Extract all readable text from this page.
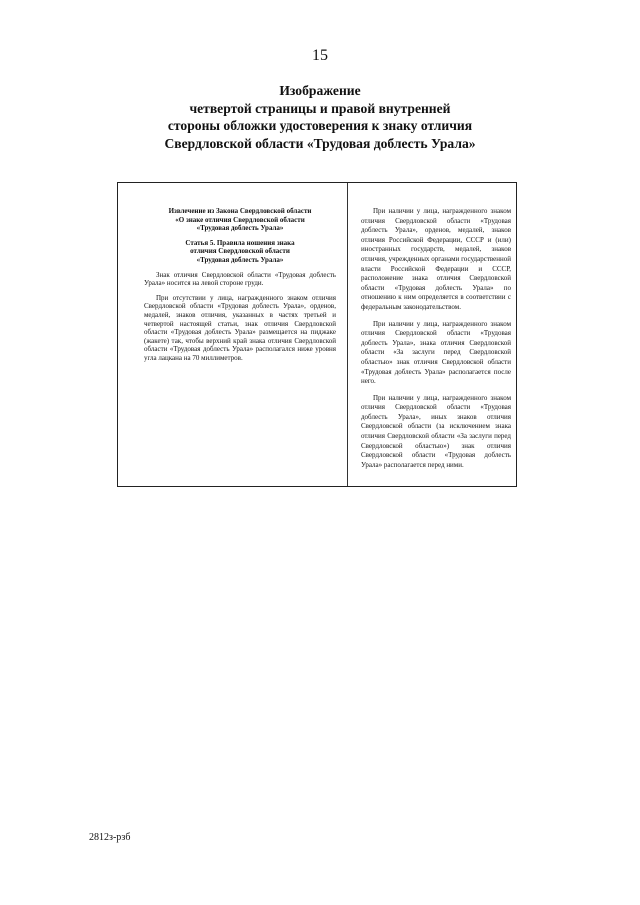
15
Изображение
четвертой страницы и правой внутренней
стороны обложки удостоверения к знаку отличия
Свердловской области «Трудовая доблесть Урала»
Извлечение из Закона Свердловской области
«О знаке отличия Свердловской области
«Трудовая доблесть Урала»
Статья 5. Правила ношения знака
отличия Свердловской области
«Трудовая доблесть Урала»

Знак отличия Свердловской области «Трудовая доблесть Урала» носится на левой стороне груди.

При отсутствии у лица, награжденного знаком отличия Свердловской области «Трудовая доблесть Урала», орденов, медалей, знаков отличия, указанных в частях третьей и четвертой настоящей статьи, знак отличия Свердловской области «Трудовая доблесть Урала» размещается на пиджаке (жакете) так, чтобы верхний край знака отличия Свердловской области «Трудовая доблесть Урала» располагался ниже уровня угла лацкана на 70 миллиметров.

При наличии у лица, награжденного знаком отличия Свердловской области «Трудовая доблесть Урала», орденов, медалей, знаков отличия Российской Федерации, СССР и (или) иностранных государств, медалей, знаков отличия, учрежденных органами государственной власти Российской Федерации и СССР, расположение знака отличия Свердловской области «Трудовая доблесть Урала» по отношению к ним определяется в соответствии с федеральным законодательством.

При наличии у лица, награжденного знаком отличия Свердловской области «Трудовая доблесть Урала», знака отличия Свердловской области «За заслуги перед Свердловской областью» знак отличия Свердловской области «Трудовая доблесть Урала» располагается после него.

При наличии у лица, награжденного знаком отличия Свердловской области «Трудовая доблесть Урала», иных знаков отличия Свердловской области (за исключением знака отличия Свердловской области «За заслуги перед Свердловской областью») знак отличия Свердловской области «Трудовая доблесть Урала» располагается перед ними.

2812з-рзб
